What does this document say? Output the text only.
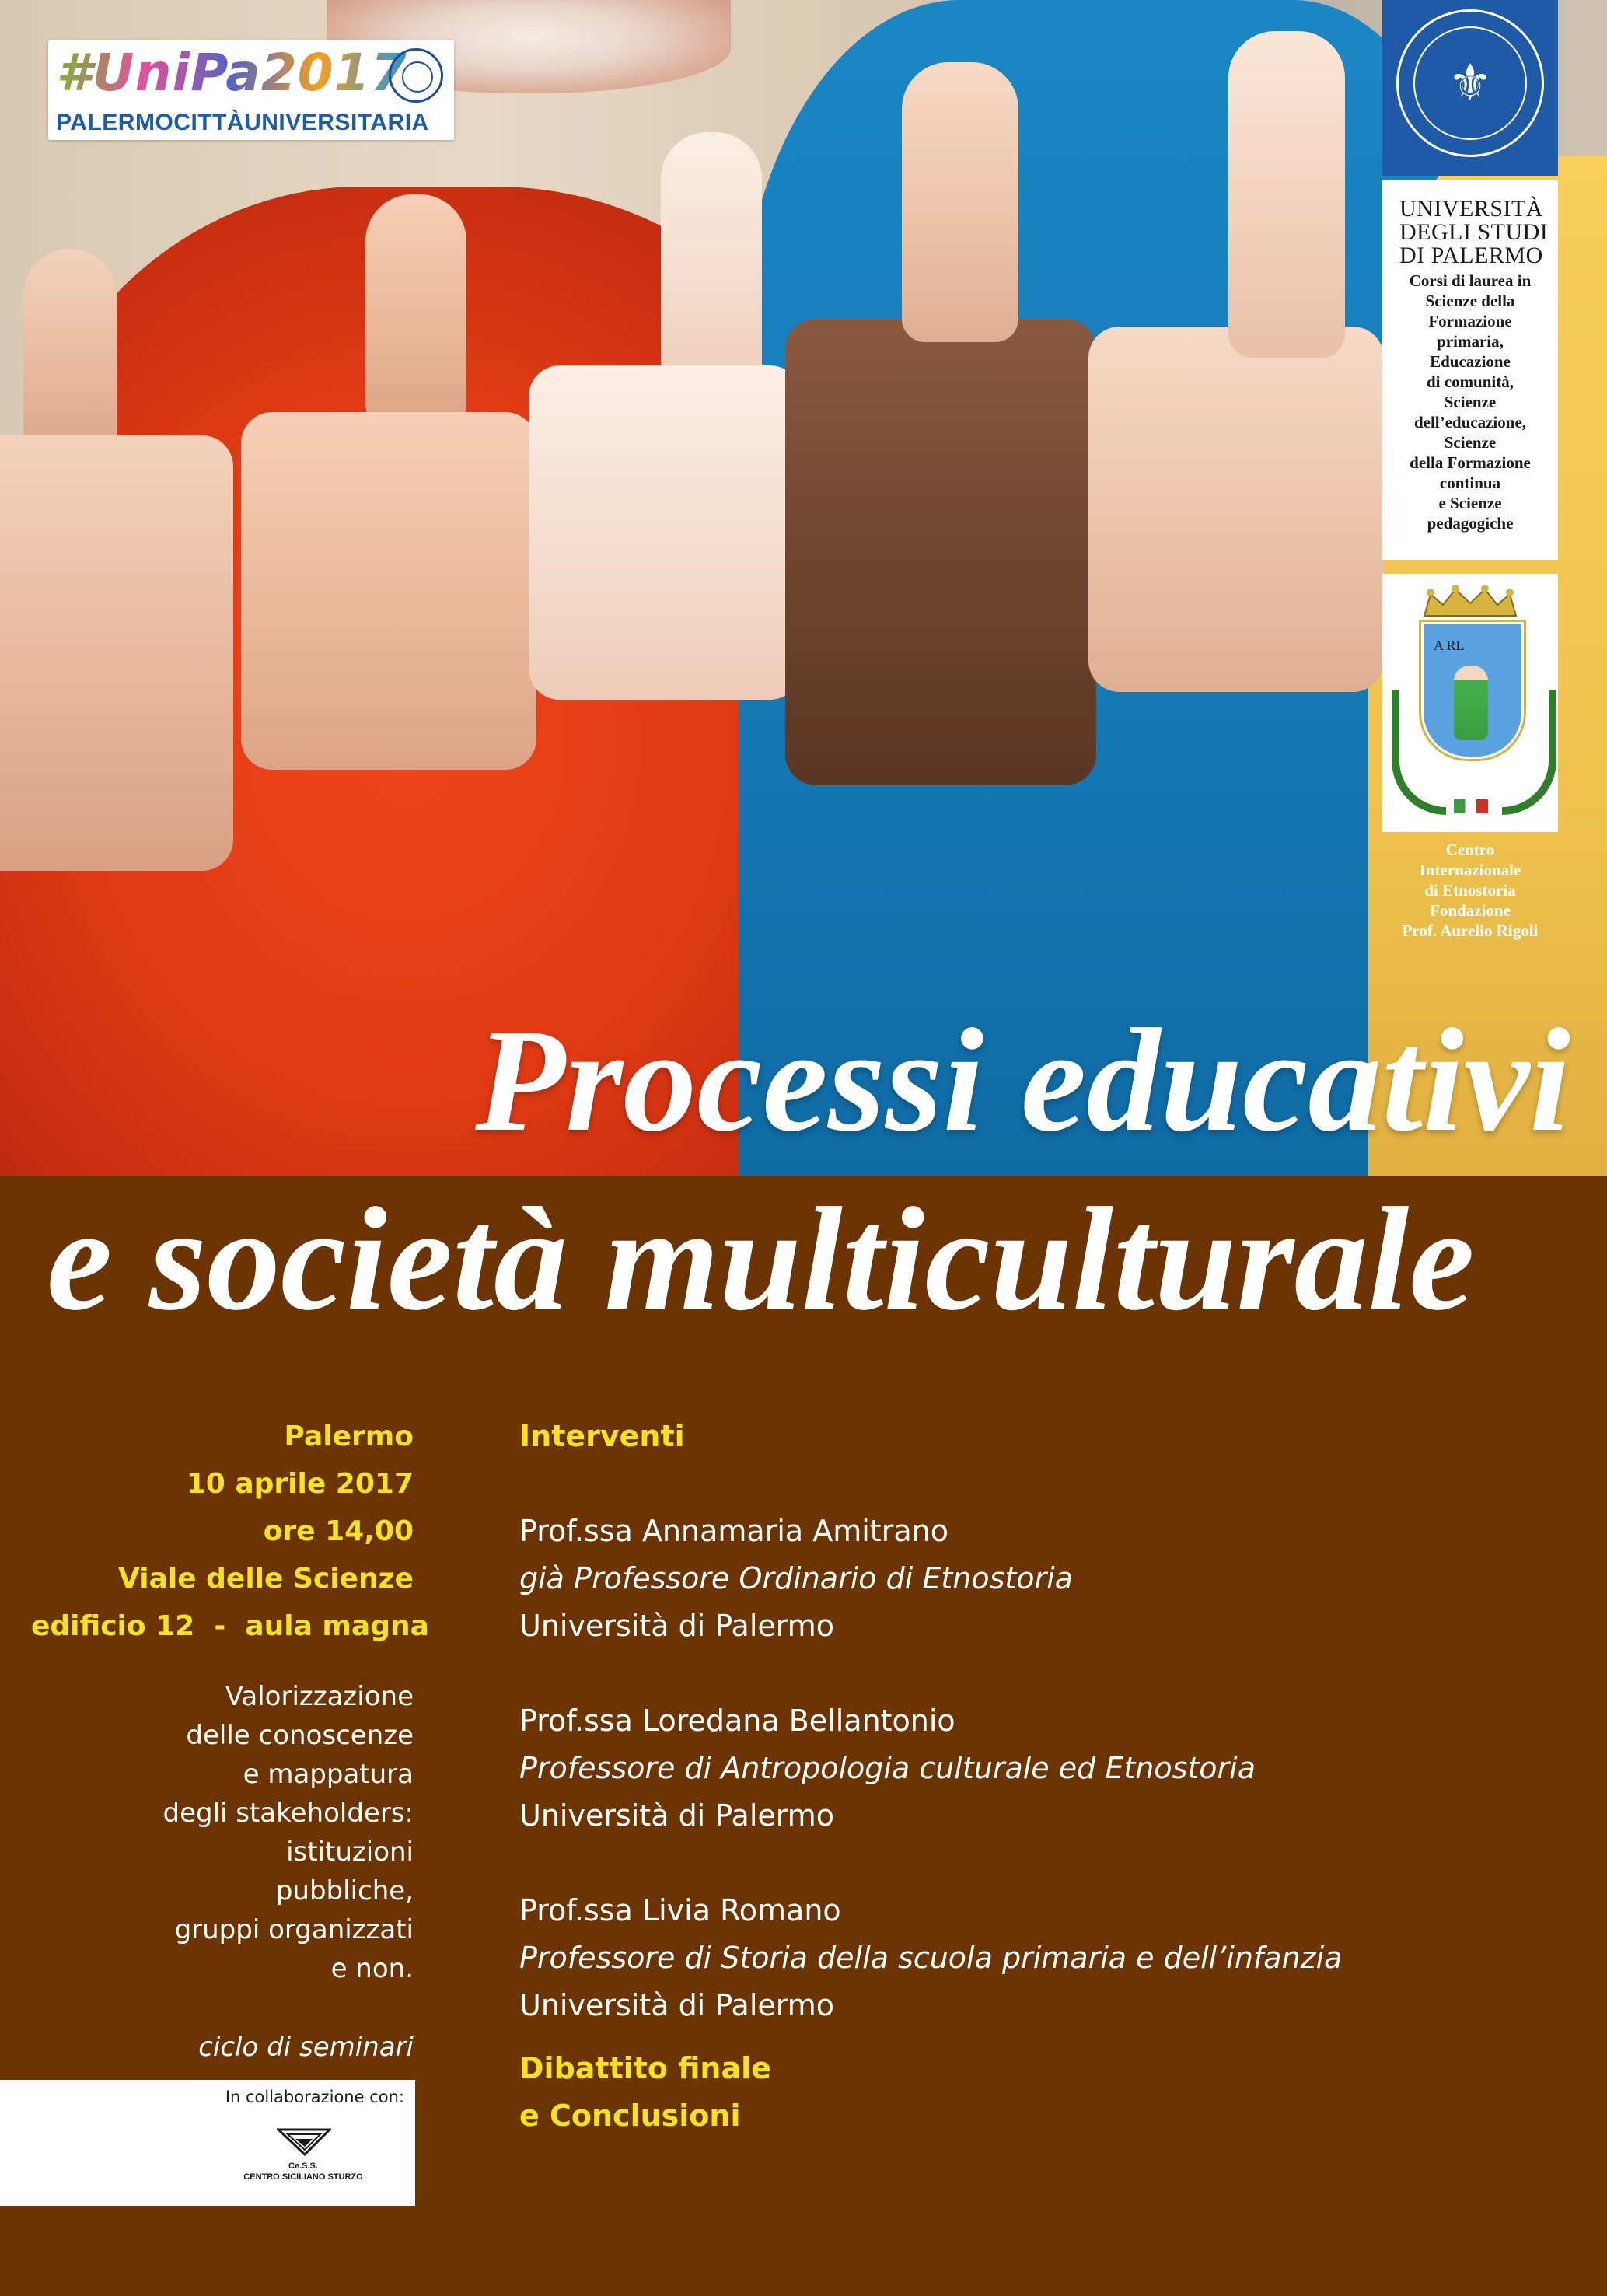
#UniPa2017
PALERMOCITTÀUNIVERSITARIA
⚜
UNIVERSITÀ
DEGLI STUDI
DI PALERMO
Corsi di laurea in
Scienze della
Formazione
primaria,
Educazione
di comunità,
Scienze
dell’educazione,
Scienze
della Formazione
continua
e Scienze
pedagogiche
A RL
Centro
Internazionale
di Etnostoria
Fondazione
Prof. Aurelio Rigoli
Processi educativi
e società multiculturale
Palermo
10 aprile 2017
ore 14,00
Viale delle Scienze
edificio 12  -  aula magna
Valorizzazione
delle conoscenze
e mappatura
degli stakeholders:
istituzioni
pubbliche,
gruppi organizzati
e non.
ciclo di seminari
In collaborazione con:
Ce.S.S.
CENTRO SICILIANO STURZO
Interventi
Prof.ssa Annamaria Amitrano
già Professore Ordinario di Etnostoria
Università di Palermo
Prof.ssa Loredana Bellantonio
Professore di Antropologia culturale ed Etnostoria
Università di Palermo
Prof.ssa Livia Romano
Professore di Storia della scuola primaria e dell’infanzia
Università di Palermo
Dibattito finale
e Conclusioni
